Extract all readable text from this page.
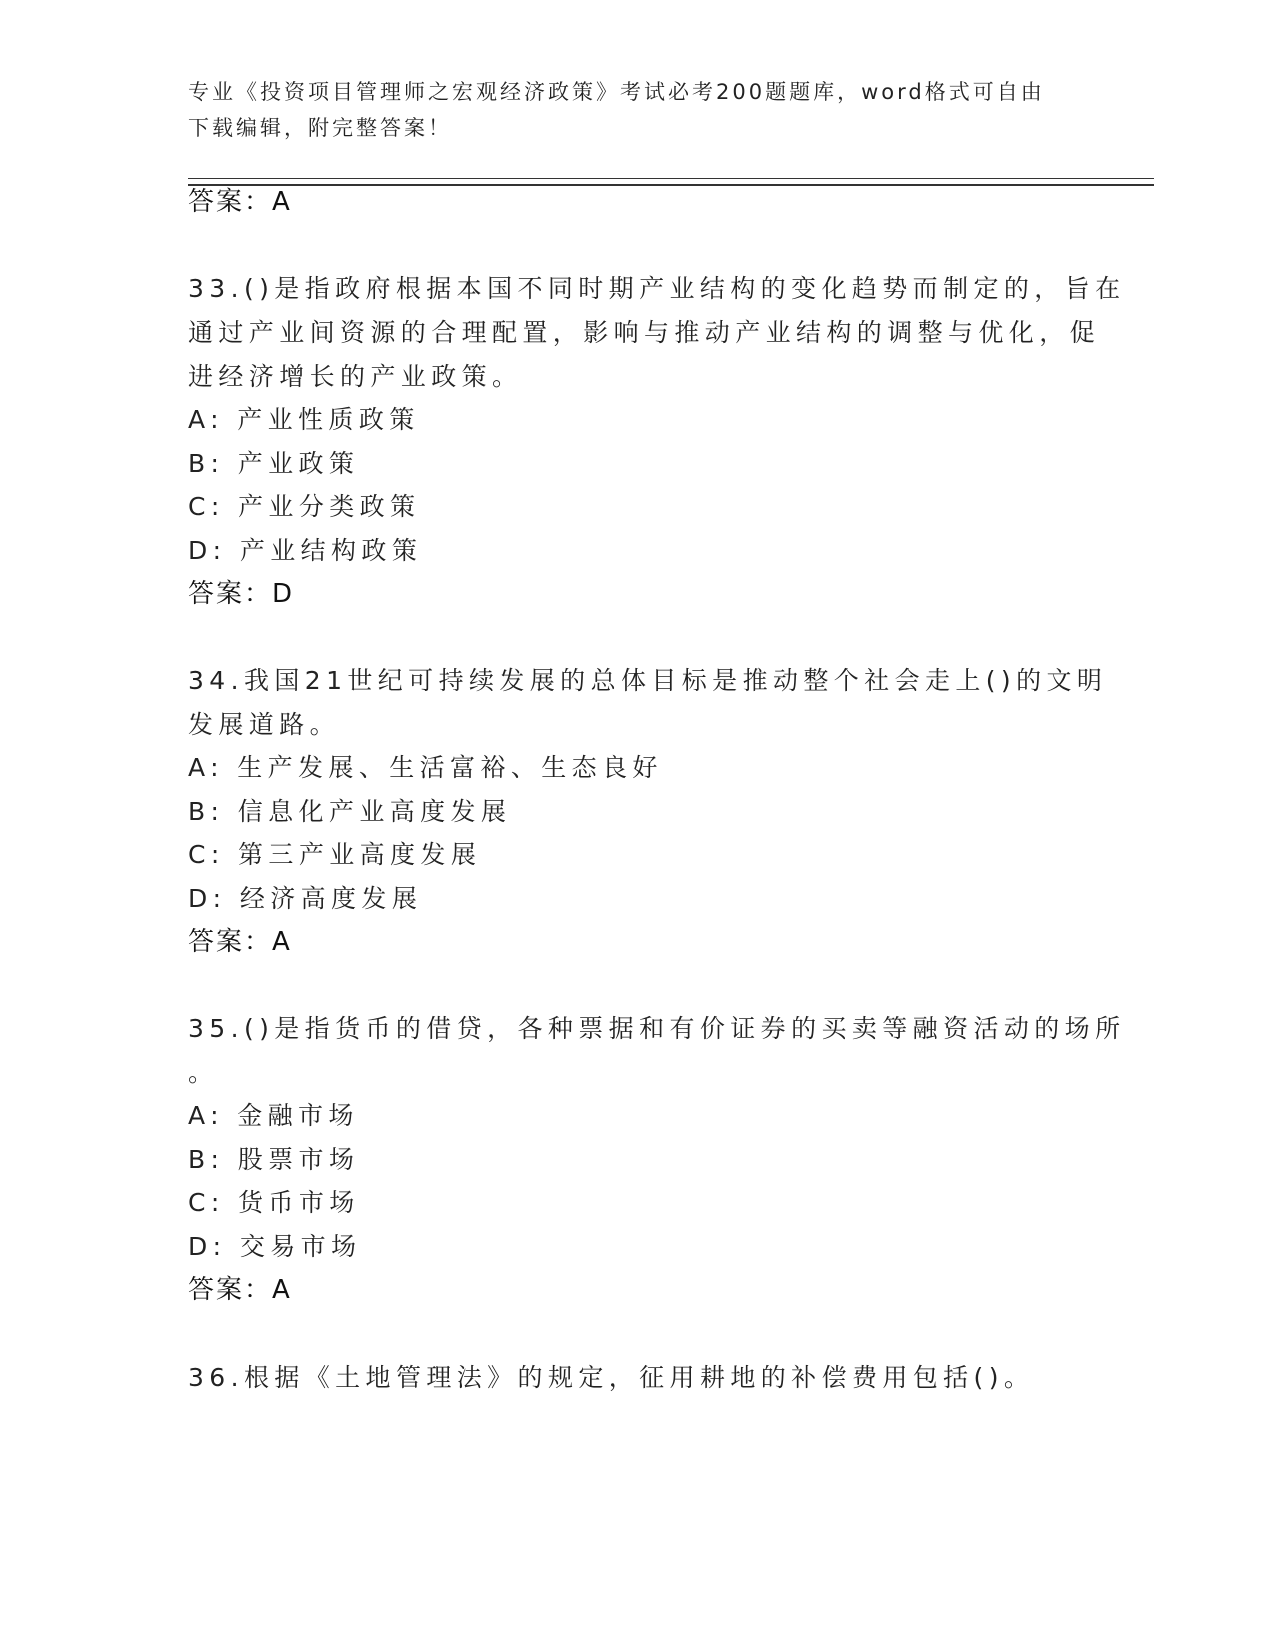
专业《投资项目管理师之宏观经济政策》考试必考200题题库，word格式可自由
下载编辑，附完整答案！
答案：A
33.()是指政府根据本国不同时期产业结构的变化趋势而制定的，旨在
通过产业间资源的合理配置，影响与推动产业结构的调整与优化，促
进经济增长的产业政策。
A: 产业性质政策
B: 产业政策
C: 产业分类政策
D: 产业结构政策
答案：D
34.我国21世纪可持续发展的总体目标是推动整个社会走上()的文明
发展道路。
A: 生产发展、生活富裕、生态良好
B: 信息化产业高度发展
C: 第三产业高度发展
D: 经济高度发展
答案：A
35.()是指货币的借贷，各种票据和有价证券的买卖等融资活动的场所
。
A: 金融市场
B: 股票市场
C: 货币市场
D: 交易市场
答案：A
36.根据《土地管理法》的规定，征用耕地的补偿费用包括()。
